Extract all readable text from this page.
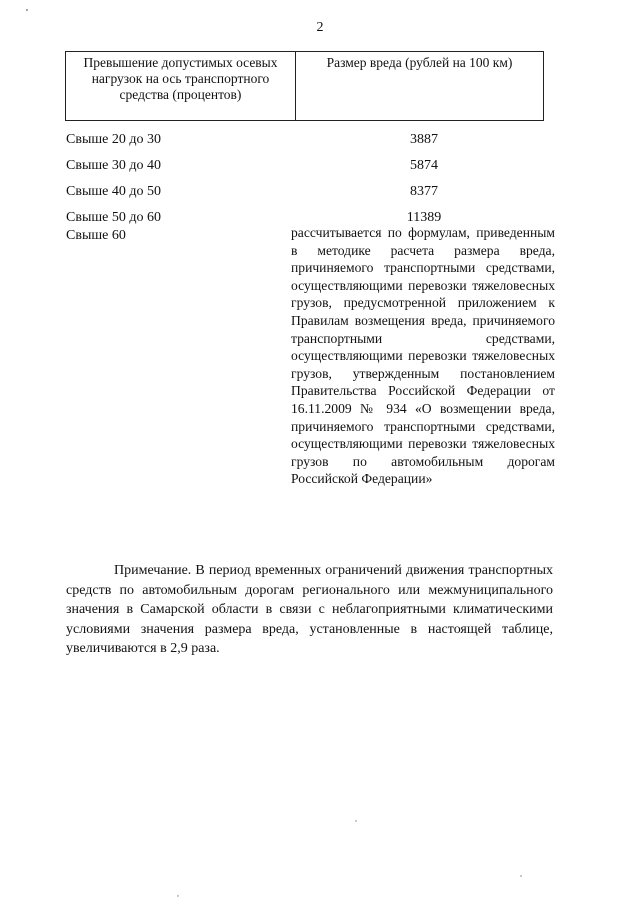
2
Превышение допустимых осевых нагрузок на ось транспортного средства (процентов)	Размер вреда (рублей на 100 км)
Свыше 20 до 30	3887
Свыше 30 до 40	5874
Свыше 40 до 50	8377
Свыше 50 до 60	11389
Свыше 60	рассчитывается по формулам, приведенным в методике расчета размера вреда, причиняемого транспортными средствами, осуществляющими перевозки тяжеловесных грузов, предусмотренной приложением к Правилам возмещения вреда, причиняемого транспортными средствами, осуществляющими перевозки тяжеловесных грузов, утвержденным постановлением Правительства Российской Федерации от 16.11.2009 № 934 «О возмещении вреда, причиняемого транспортными средствами, осуществляющими перевозки тяжеловесных грузов по автомобильным дорогам Российской Федерации»

Примечание. В период временных ограничений движения транспортных средств по автомобильным дорогам регионального или межмуниципального значения в Самарской области в связи с неблагоприятными климатическими условиями значения размера вреда, установленные в настоящей таблице, увеличиваются в 2,9 раза.
